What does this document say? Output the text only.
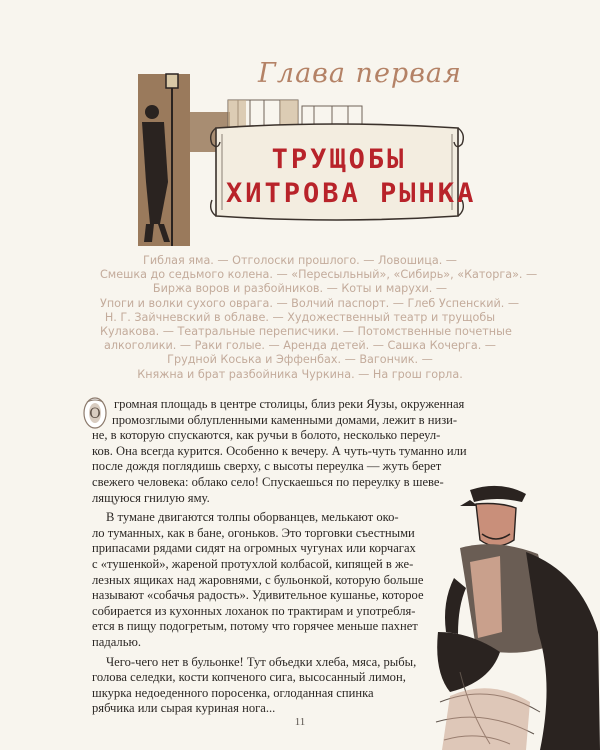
Глава первая
ТРУЩОБЫ
ХИТРОВА РЫНКА
Гиблая яма. — Отголоски прошлого. — Ловошица. —
Смешка до седьмого колена. — «Пересыльный», «Сибирь», «Каторга». —
Биржа воров и разбойников. — Коты и марухи. —
Упоги и волки сухого оврага. — Волчий паспорт. — Глеб Успенский. —
Н. Г. Зайчневский в облаве. — Художественный театр и трущобы
Кулакова. — Театральные переписчики. — Потомственные почетные
алкоголики. — Раки голые. — Аренда детей. — Сашка Кочерга. —
Грудной Коська и Эффенбах. — Вагончик. —
Княжна и брат разбойника Чуркина. — На грош горла.
О
громная площадь в центре столицы, близ реки Яузы, окруженная
промозглыми облупленными каменными домами, лежит в низи-
не, в которую спускаются, как ручьи в болото, несколько переул-
ков. Она всегда курится. Особенно к вечеру. А чуть-чуть туманно или
после дождя поглядишь сверху, с высоты переулка — жуть берет
свежего человека: облако село! Спускаешься по переулку в шеве-
лящуюся гнилую яму.
В тумане двигаются толпы оборванцев, мелькают око-
ло туманных, как в бане, огоньков. Это торговки съестными
припасами рядами сидят на огромных чугунах или корчагах
с «тушенкой», жареной протухлой колбасой, кипящей в же-
лезных ящиках над жаровнями, с бульонкой, которую больше
называют «собачья радость». Удивительное кушанье, которое
собирается из кухонных лоханок по трактирам и употребля-
ется в пищу подогретым, потому что горячее меньше пахнет
падалью.
Чего-чего нет в бульонке! Тут объедки хлеба, мяса, рыбы,
голова селедки, кости копченого сига, высосанный лимон,
шкурка недоеденного поросенка, оглоданная спинка
рябчика или сырая куриная нога...
11
